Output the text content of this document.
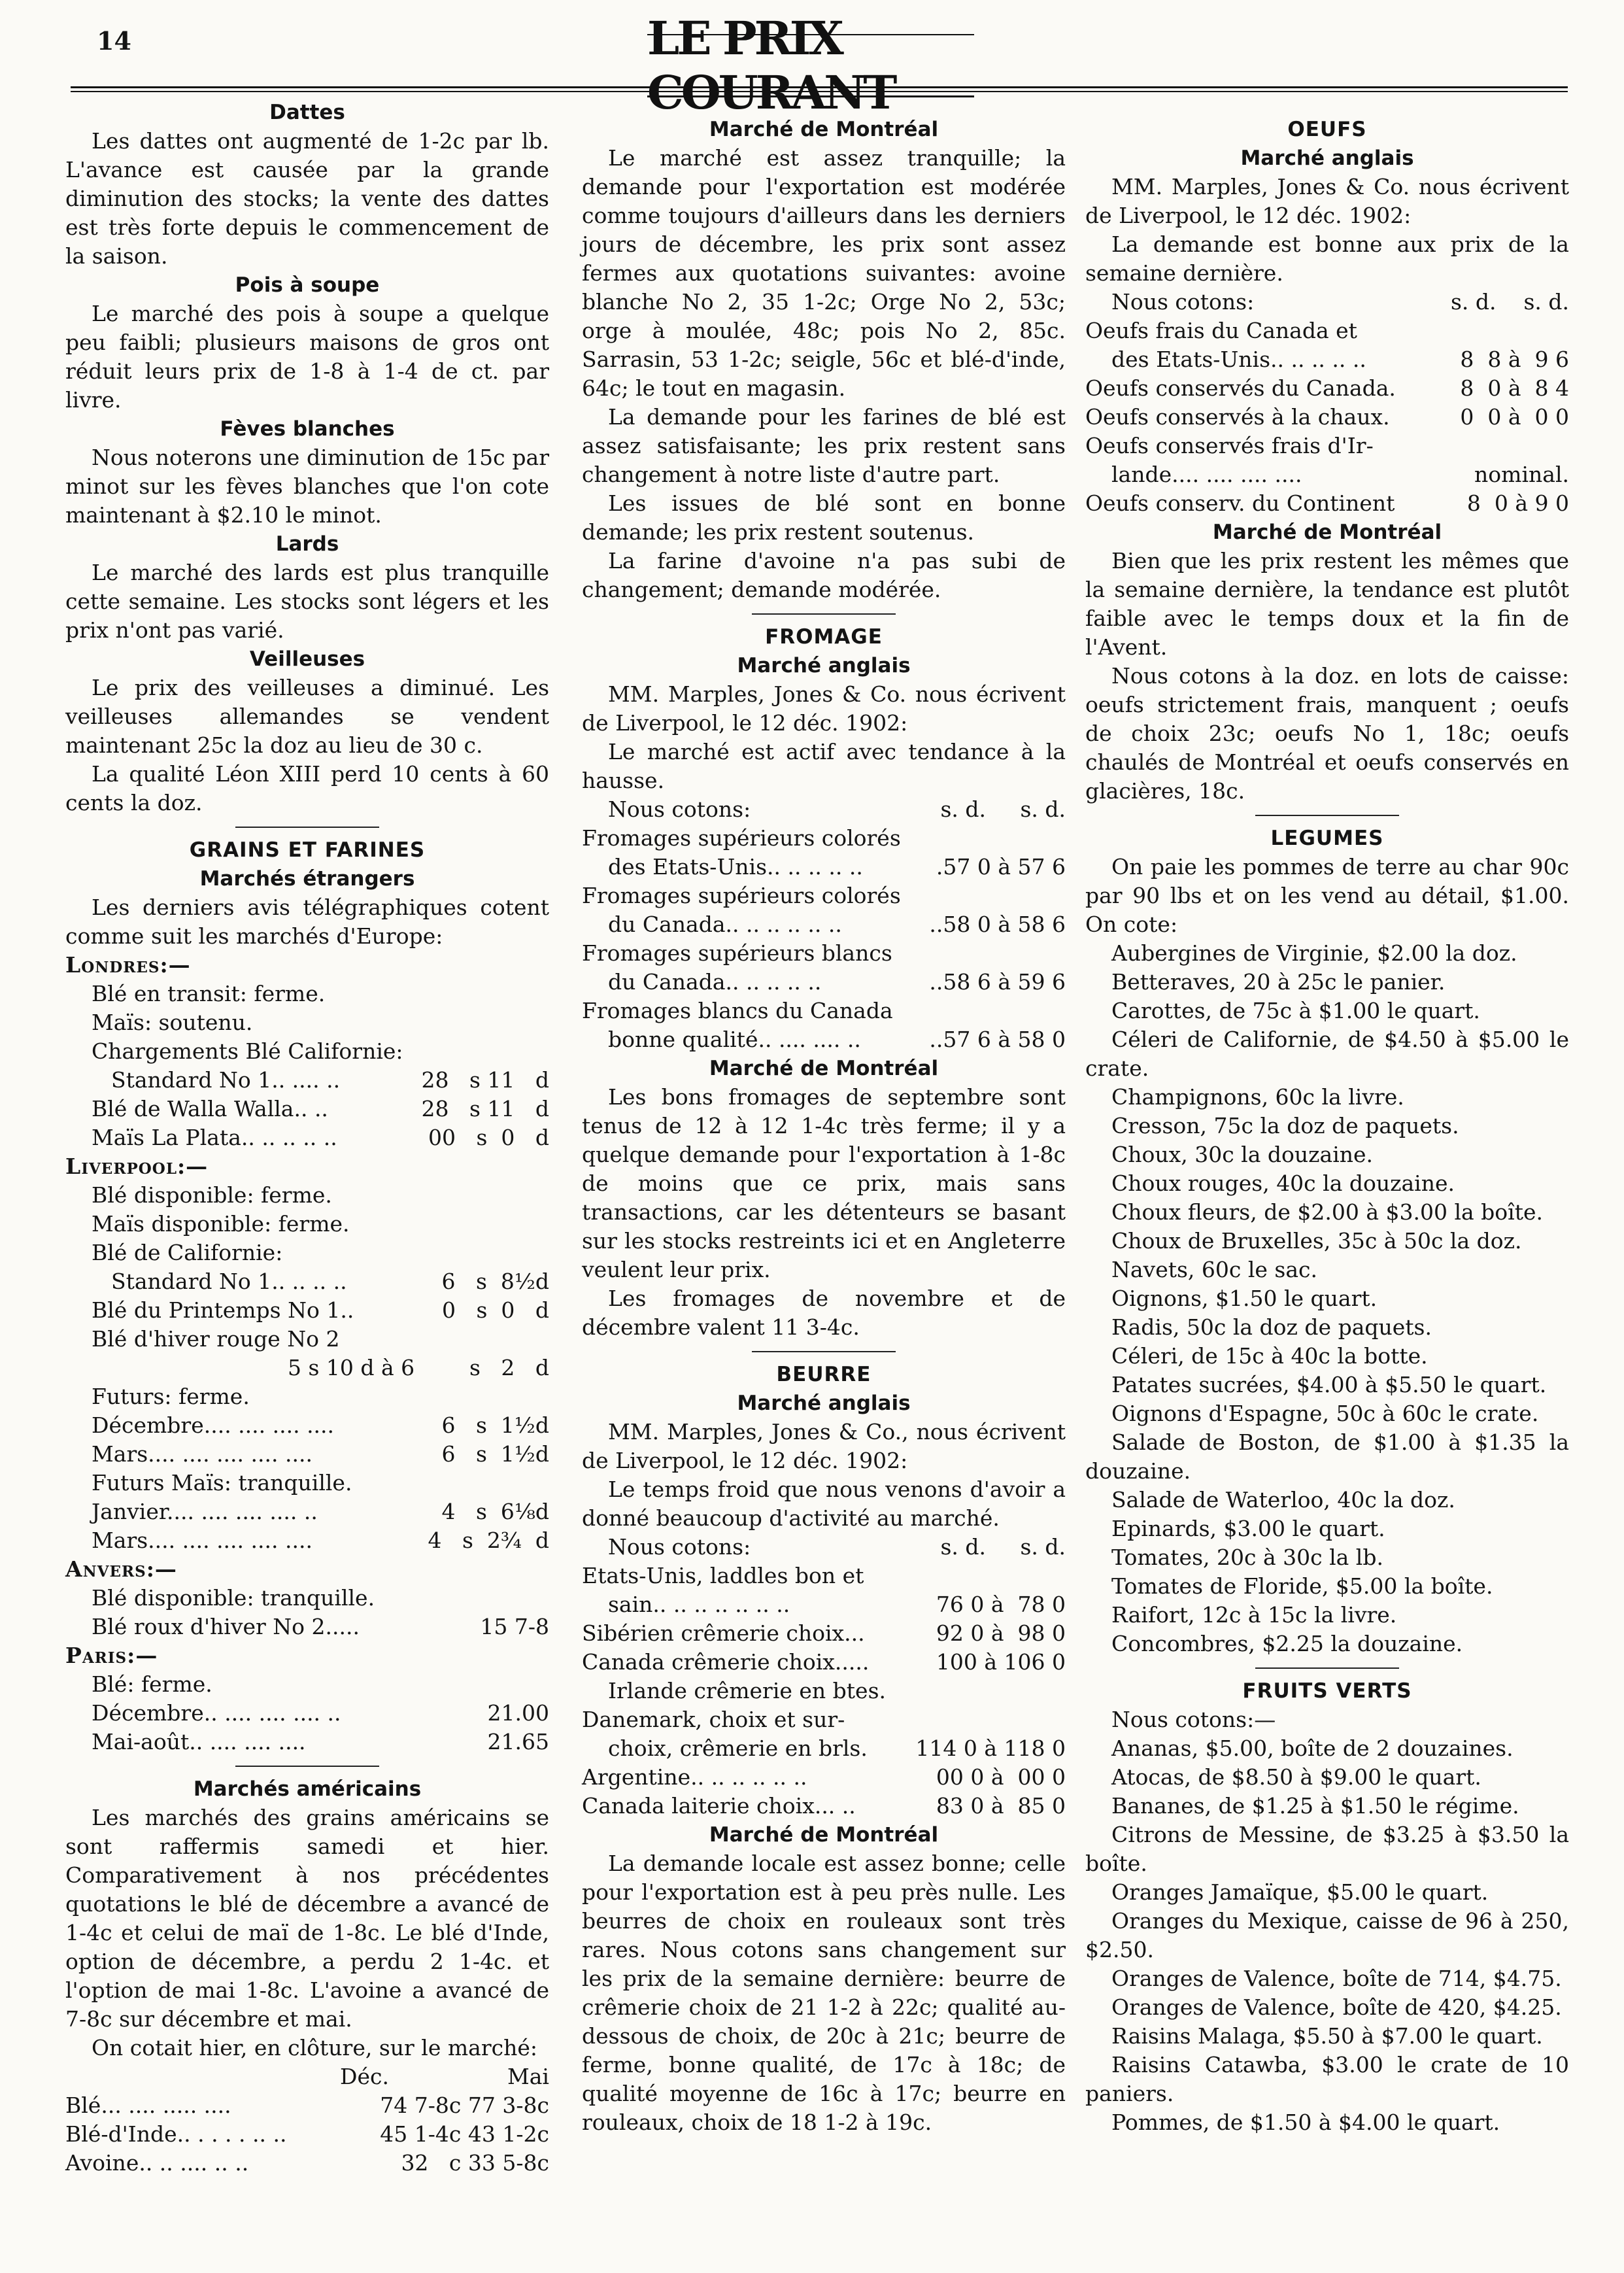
14	LE PRIX COURANT
Dattes

Les dattes ont augmenté de 1-2c par lb. L'avance est causée par la grande diminution des stocks; la vente des dattes est très forte depuis le commencement de la saison.

Pois à soupe

Le marché des pois à soupe a quelque peu faibli; plusieurs maisons de gros ont réduit leurs prix de 1-8 à 1-4 de ct. par livre.

Fèves blanches

Nous noterons une diminution de 15c par minot sur les fèves blanches que l'on cote maintenant à $2.10 le minot.

Lards

Le marché des lards est plus tranquille cette semaine. Les stocks sont légers et les prix n'ont pas varié.

Veilleuses

Le prix des veilleuses a diminué. Les veilleuses allemandes se vendent maintenant 25c la doz au lieu de 30 c.

La qualité Léon XIII perd 10 cents à 60 cents la doz.

GRAINS ET FARINES
Marchés étrangers

Les derniers avis télégraphiques cotent comme suit les marchés d'Europe:

Londres:—
Blé en transit: ferme.
Maïs: soutenu.
Chargements Blé Californie:
Standard No 1.. .... ..	28   s 11   d
Blé de Walla Walla.. ..	28   s 11   d
Maïs La Plata.. .. .. .. ..	00   s  0   d
Liverpool:—
Blé disponible: ferme.
Maïs disponible: ferme.
Blé de Californie:
Standard No 1.. .. .. ..	6   s  8½d
Blé du Printemps No 1..	0   s  0   d
Blé d'hiver rouge No 2
5 s 10 d à 6	s   2   d
Futurs: ferme.
Décembre.... .... .... ....	6   s  1½d
Mars.... .... .... .... ....	6   s  1½d
Futurs Maïs: tranquille.
Janvier.... .... .... .... ..	4   s  6⅛d
Mars.... .... .... .... ....	4   s  2¾  d
Anvers:—
Blé disponible: tranquille.
Blé roux d'hiver No 2.....	15 7-8
Paris:—
Blé: ferme.
Décembre.. .... .... .... ..	21.00
Mai-août.. .... .... ....	21.65
Marchés américains

Les marchés des grains américains se sont raffermis samedi et hier. Comparativement à nos précédentes quotations le blé de décembre a avancé de 1-4c et celui de maï de 1-8c. Le blé d'Inde, option de décembre, a perdu 2 1-4c. et l'option de mai 1-8c. L'avoine a avancé de 7-8c sur décembre et mai.

On cotait hier, en clôture, sur le marché:

Déc.	Mai
Blé... .... ..... ....	74 7-8c 77 3-8c
Blé-d'Inde.. . . . . .. ..	45 1-4c 43 1-2c
Avoine.. .. .... .. ..	32   c 33 5-8c
Marché de Montréal

Le marché est assez tranquille; la demande pour l'exportation est modérée comme toujours d'ailleurs dans les derniers jours de décembre, les prix sont assez fermes aux quotations suivantes: avoine blanche No 2, 35 1-2c; Orge No 2, 53c; orge à moulée, 48c; pois No 2, 85c. Sarrasin, 53 1-2c; seigle, 56c et blé-d'inde, 64c; le tout en magasin.

La demande pour les farines de blé est assez satisfaisante; les prix restent sans changement à notre liste d'autre part.

Les issues de blé sont en bonne demande; les prix restent soutenus.

La farine d'avoine n'a pas subi de changement; demande modérée.

FROMAGE
Marché anglais

MM. Marples, Jones & Co. nous écrivent de Liverpool, le 12 déc. 1902:

Le marché est actif avec tendance à la hausse.

Nous cotons:	s. d.     s. d.
Fromages supérieurs colorés
des Etats-Unis.. .. .. .. ..	.57 0 à 57 6
Fromages supérieurs colorés
du Canada.. .. .. .. .. ..	..58 0 à 58 6
Fromages supérieurs blancs
du Canada.. .. .. .. ..	..58 6 à 59 6
Fromages blancs du Canada
bonne qualité.. .... .... ..	..57 6 à 58 0
Marché de Montréal

Les bons fromages de septembre sont tenus de 12 à 12 1-4c très ferme; il y a quelque demande pour l'exportation à 1-8c de moins que ce prix, mais sans transactions, car les détenteurs se basant sur les stocks restreints ici et en Angleterre veulent leur prix.

Les fromages de novembre et de décembre valent 11 3-4c.

BEURRE
Marché anglais

MM. Marples, Jones & Co., nous écrivent de Liverpool, le 12 déc. 1902:

Le temps froid que nous venons d'avoir a donné beaucoup d'activité au marché.

Nous cotons:	s. d.     s. d.
Etats-Unis, laddles bon et
sain.. .. .. .. .. .. ..	76 0 à  78 0
Sibérien crêmerie choix...	92 0 à  98 0
Canada crêmerie choix.....	100 à 106 0
Irlande crêmerie en btes.
Danemark, choix et sur-
choix, crêmerie en brls. 114 0 à 118 0
Argentine.. .. .. .. .. ..	00 0 à  00 0
Canada laiterie choix... ..	83 0 à  85 0
Marché de Montréal

La demande locale est assez bonne; celle pour l'exportation est à peu près nulle. Les beurres de choix en rouleaux sont très rares. Nous cotons sans changement sur les prix de la semaine dernière: beurre de crêmerie choix de 21 1-2 à 22c; qualité au-dessous de choix, de 20c à 21c; beurre de ferme, bonne qualité, de 17c à 18c; de qualité moyenne de 16c à 17c; beurre en rouleaux, choix de 18 1-2 à 19c.

OEUFS
Marché anglais

MM. Marples, Jones & Co. nous écrivent de Liverpool, le 12 déc. 1902:

La demande est bonne aux prix de la semaine dernière.

Nous cotons:	s. d.    s. d.
Oeufs frais du Canada et
des Etats-Unis.. .. .. .. ..	8  8 à  9 6
Oeufs conservés du Canada.	8  0 à  8 4
Oeufs conservés à la chaux.	0  0 à  0 0
Oeufs conservés frais d'Ir-
lande.... .... .... ....	nominal.
Oeufs conserv. du Continent	8  0 à 9 0
Marché de Montréal

Bien que les prix restent les mêmes que la semaine dernière, la tendance est plutôt faible avec le temps doux et la fin de l'Avent.

Nous cotons à la doz. en lots de caisse: oeufs strictement frais, manquent ; oeufs de choix 23c; oeufs No 1, 18c; oeufs chaulés de Montréal et oeufs conservés en glacières, 18c.

LEGUMES

On paie les pommes de terre au char 90c par 90 lbs et on les vend au détail, $1.00. On cote:

Aubergines de Virginie, $2.00 la doz.

Betteraves, 20 à 25c le panier.

Carottes, de 75c à $1.00 le quart.

Céleri de Californie, de $4.50 à $5.00 le crate.

Champignons, 60c la livre.

Cresson, 75c la doz de paquets.

Choux, 30c la douzaine.

Choux rouges, 40c la douzaine.

Choux fleurs, de $2.00 à $3.00 la boîte.

Choux de Bruxelles, 35c à 50c la doz.

Navets, 60c le sac.

Oignons, $1.50 le quart.

Radis, 50c la doz de paquets.

Céleri, de 15c à 40c la botte.

Patates sucrées, $4.00 à $5.50 le quart.

Oignons d'Espagne, 50c à 60c le crate.

Salade de Boston, de $1.00 à $1.35 la douzaine.

Salade de Waterloo, 40c la doz.

Epinards, $3.00 le quart.

Tomates, 20c à 30c la lb.

Tomates de Floride, $5.00 la boîte.

Raifort, 12c à 15c la livre.

Concombres, $2.25 la douzaine.

FRUITS VERTS

Nous cotons:—

Ananas, $5.00, boîte de 2 douzaines.

Atocas, de $8.50 à $9.00 le quart.

Bananes, de $1.25 à $1.50 le régime.

Citrons de Messine, de $3.25 à $3.50 la boîte.

Oranges Jamaïque, $5.00 le quart.

Oranges du Mexique, caisse de 96 à 250, $2.50.

Oranges de Valence, boîte de 714, $4.75.

Oranges de Valence, boîte de 420, $4.25.

Raisins Malaga, $5.50 à $7.00 le quart.

Raisins Catawba, $3.00 le crate de 10 paniers.

Pommes, de $1.50 à $4.00 le quart.
